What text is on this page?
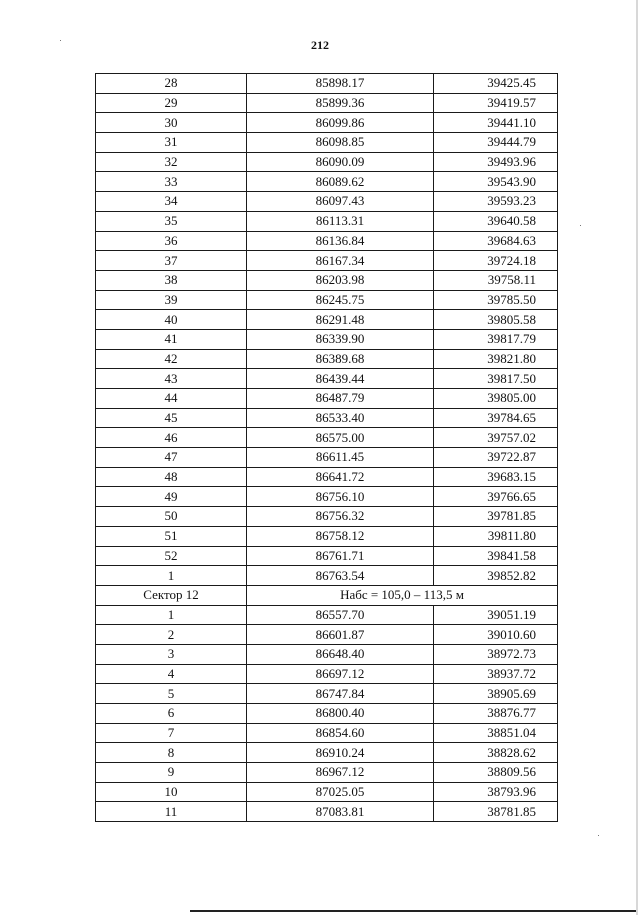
212
28	85898.17	39425.45
29	85899.36	39419.57
30	86099.86	39441.10
31	86098.85	39444.79
32	86090.09	39493.96
33	86089.62	39543.90
34	86097.43	39593.23
35	86113.31	39640.58
36	86136.84	39684.63
37	86167.34	39724.18
38	86203.98	39758.11
39	86245.75	39785.50
40	86291.48	39805.58
41	86339.90	39817.79
42	86389.68	39821.80
43	86439.44	39817.50
44	86487.79	39805.00
45	86533.40	39784.65
46	86575.00	39757.02
47	86611.45	39722.87
48	86641.72	39683.15
49	86756.10	39766.65
50	86756.32	39781.85
51	86758.12	39811.80
52	86761.71	39841.58
1	86763.54	39852.82
Сектор 12	Набс = 105,0 – 113,5 м	
1	86557.70	39051.19
2	86601.87	39010.60
3	86648.40	38972.73
4	86697.12	38937.72
5	86747.84	38905.69
6	86800.40	38876.77
7	86854.60	38851.04
8	86910.24	38828.62
9	86967.12	38809.56
10	87025.05	38793.96
11	87083.81	38781.85
